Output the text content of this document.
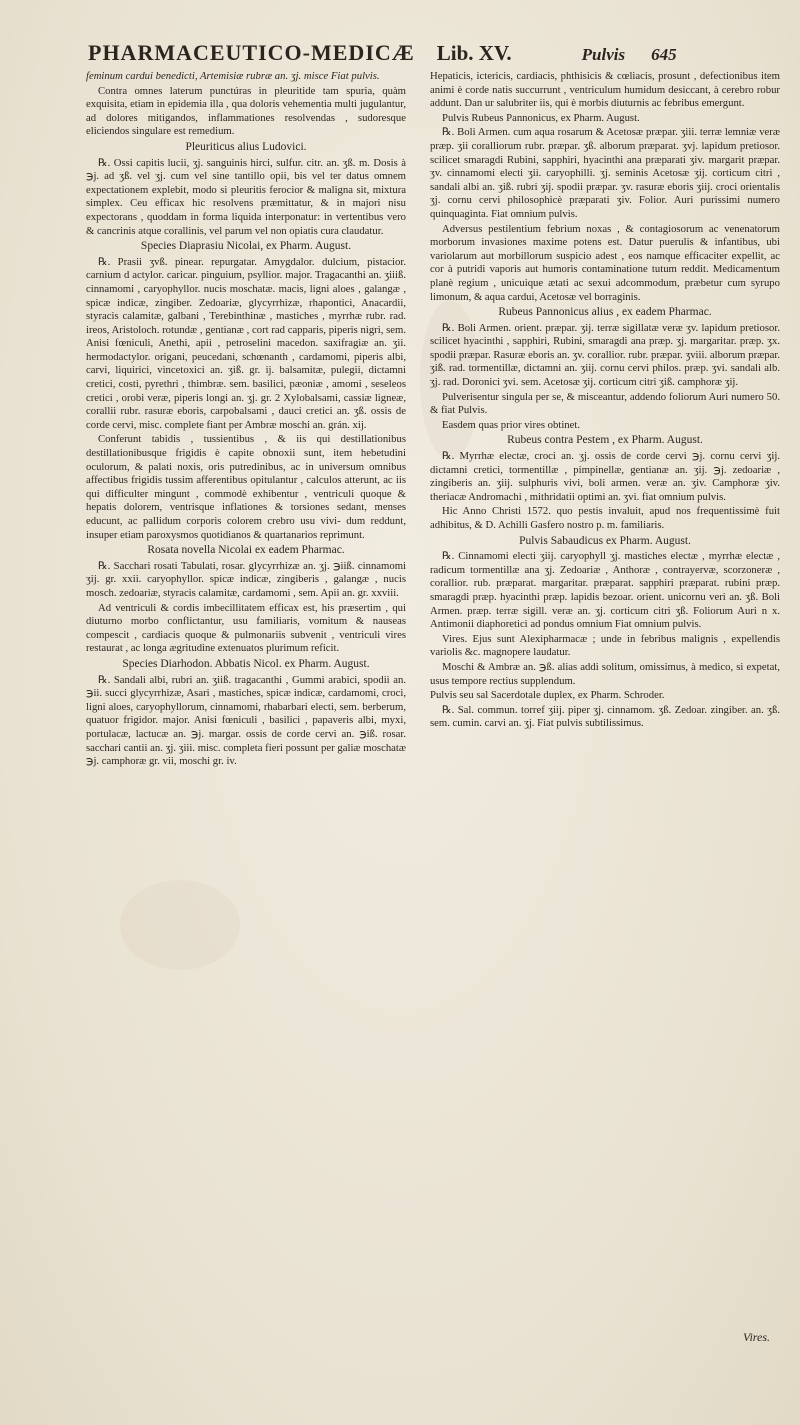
PHARMACEUTICO-MEDICÆ Lib. XV.	Pulvis 645

feminum cardui benedicti, Artemisiæ rubræ an. ʒj. misce Fiat pulvis.

Contra omnes laterum punctúras in pleuritide tam spuria, quàm exquisita, etiam in epidemia illa , qua doloris vehementia multi jugulantur, ad dolores mitigandos, inflammationes resolvendas , sudoresque eliciendos singulare est remedium.

Pleuriticus alius Ludovici.

℞. Ossi capitis lucii, ʒj. sanguinis hirci, sulfur. citr. an. ʒß. m. Dosis à ℈j. ad ʒß. vel ʒj. cum vel sine tantillo opii, bis vel ter datus omnem expectationem explebit, modo si pleuritis ferocior & maligna sit, mixtura simplex. Ceu efficax hic resolvens præmittatur, & in majori nisu expectorans , quoddam in forma liquida interponatur: in vertentibus vero & cancrinis atque corallinis, vel parum vel non opiatis cura claudatur.

Species Diaprasiu Nicolai, ex Pharm. August.

℞. Prasii ʒvß. pinear. repurgatar. Amygdalor. dulcium, pistacior. carnium d actylor. caricar. pinguium, psyllior. major. Tragacanthi an. ʒiiiß. cinnamomi , caryophyllor. nucis moschatæ. macis, ligni aloes , galangæ , spicæ indicæ, zingiber. Zedoariæ, glycyrrhizæ, rhapontici, Anacardii, styracis calamitæ, galbani , Terebinthinæ , mastiches , myrrhæ rubr. rad. ireos, Aristoloch. rotundæ , gentianæ , cort rad capparis, piperis nigri, sem. Anisi fœniculi, Anethi, apii , petroselini macedon. saxifragiæ an. ʒii. hermodactylor. origani, peucedani, schœnanth , cardamomi, piperis albi, carvi, liquirici, vincetoxici an. ʒiß. gr. ij. balsamitæ, pulegii, dictamni cretici, costi, pyrethri , thimbræ. sem. basilici, pæoniæ , amomi , seseleos cretici , orobi veræ, piperis longi an. ʒj. gr. 2 Xylobalsami, cassiæ ligneæ, corallii rubr. rasuræ eboris, carpobalsami , dauci cretici an. ʒß. ossis de corde cervi, misc. complete fiant per Ambræ moschi an. grán. xij.

Conferunt tabidis , tussientibus , & iis qui destillationibus destillationibusque frigidis è capite obnoxii sunt, item hebetudini oculorum, & palati noxis, oris putredinibus, ac in universum omnibus affectibus frigidis tussim afferentibus opitulantur , calculos atterunt, ac iis qui difficulter mingunt , commodè exhibentur , ventriculi quoque & hepatis dolorem, ventrisque inflationes & torsiones sedant, menses educunt, ac pallidum corporis colorem crebro usu vivi- dum reddunt, insuper etiam paroxysmos quotidianos & quartanarios reprimunt.

Rosata novella Nicolai ex eadem Pharmac.

℞. Sacchari rosati Tabulati, rosar. glycyrrhizæ an. ʒj. ℈iiß. cinnamomi ʒij. gr. xxii. caryophyllor. spicæ indicæ, zingiberis , galangæ , nucis mosch. zedoariæ, styracis calamitæ, cardamomi , sem. Apii an. gr. xxviii.

Ad ventriculi & cordis imbecillitatem efficax est, his præsertim , qui diuturno morbo conflictantur, usu familiaris, vomitum & nauseas compescit , cardiacis quoque & pulmonariis subvenit , ventriculi vires restaurat , ac longa ægritudine extenuatos plurimum reficit.

Species Diarhodon. Abbatis Nicol. ex Pharm. August.

℞. Sandali albi, rubri an. ʒiiß. tragacanthi , Gummi arabici, spodii an. ℈ii. succi glycyrrhizæ, Asari , mastiches, spicæ indicæ, cardamomi, croci, ligni aloes, caryophyllorum, cinnamomi, rhabarbari electi, sem. berberum, quatuor frigidor. major. Anisi fœniculi , basilici , papaveris albi, myxi, portulacæ, lactucæ an. ℈j. margar. ossis de corde cervi an. ℈iß. rosar. sacchari cantii an. ʒj. ʒiii. misc. completa fieri possunt per galiæ moschatæ ℈j. camphoræ gr. vii, moschi gr. iv.

Hepaticis, ictericis, cardiacis, phthisicis & cœliacis, prosunt , defectionibus item animi è corde natis succurrunt , ventriculum humidum desiccant, à cerebro robur addunt. Dan ur salubriter iis, qui è morbis diuturnis ac febribus emergunt.

Pulvis Rubeus Pannonicus, ex Pharm. August.

℞. Boli Armen. cum aqua rosarum & Acetosæ præpar. ʒiii. terræ lemniæ veræ præp. ʒii coralliorum rubr. præpar. ʒß. alborum præparat. ʒvj. lapidum pretiosor. scilicet smaragdi Rubini, sapphiri, hyacinthi ana præparati ʒiv. margarit præpar. ʒv. cinnamomi electi ʒii. caryophilli. ʒj. seminis Acetosæ ʒij. corticum citri , sandali albi an. ʒiß. rubri ʒij. spodii præpar. ʒv. rasuræ eboris ʒiij. croci orientalis ʒj. cornu cervi philosophicè præparati ʒiv. Folior. Auri purissimi numero quinquaginta. Fiat omnium pulvis.

Adversus pestilentium febrium noxas , & contagiosorum ac venenatorum morborum invasiones maxime potens est. Datur puerulis & infantibus, ubi variolarum aut morbillorum suspicio adest , eos namque efficaciter expellit, ac cor à putridi vaporis aut humoris contaminatione tutum reddit. Medicamentum planè regium , unicuique ætati ac sexui adcommodum, præbetur cum syrupo limonum, & aqua cardui, Acetosæ vel borraginis.

Rubeus Pannonicus alius , ex eadem Pharmac.

℞. Boli Armen. orient. præpar. ʒij. terræ sigillatæ veræ ʒv. lapidum pretiosor. scilicet hyacinthi , sapphiri, Rubini, smaragdi ana præp. ʒj. margaritar. præp. ʒx. spodii præpar. Rasuræ eboris an. ʒv. corallior. rubr. præpar. ʒviii. alborum præpar. ʒiß. rad. tormentillæ, dictamni an. ʒiij. cornu cervi philos. præp. ʒvi. sandali alb. ʒj. rad. Doronici ʒvi. sem. Acetosæ ʒij. corticum citri ʒiß. camphoræ ʒij.

Pulverisentur singula per se, & misceantur, addendo foliorum Auri numero 50. & fiat Pulvis.

Easdem quas prior vires obtinet.

Rubeus contra Pestem , ex Pharm. August.

℞. Myrrhæ electæ, croci an. ʒj. ossis de corde cervi ℈j. cornu cervi ʒij. dictamni cretici, tormentillæ , pimpinellæ, gentianæ an. ʒij. ℈j. zedoariæ , zingiberis an. ʒiij. sulphuris vivi, boli armen. veræ an. ʒiv. Camphoræ ʒiv. theriacæ Andromachi , mithridatii optimi an. ʒvi. fiat omnium pulvis.

Hic Anno Christi 1572. quo pestis invaluit, apud nos frequentissimè fuit adhibitus, & D. Achilli Gasfero nostro p. m. familiaris.

Pulvis Sabaudicus ex Pharm. August.

℞. Cinnamomi electi ʒiij. caryophyll ʒj. mastiches electæ , myrrhæ electæ , radicum tormentillæ ana ʒj. Zedoariæ , Anthoræ , contrayervæ, scorzoneræ , corallior. rub. præparat. margaritar. præparat. sapphiri præparat. rubini præp. smaragdi præp. hyacinthi præp. lapidis bezoar. orient. unicornu veri an. ʒß. Boli Armen. præp. terræ sigill. veræ an. ʒj. corticum citri ʒß. Foliorum Auri n x. Antimonii diaphoretici ad pondus omnium Fiat omnium pulvis.

Vires. Ejus sunt Alexipharmacæ ; unde in febribus malignis , expellendis variolis &c. magnopere laudatur.

Moschi & Ambræ an. ℈ß. alias addi solitum, omissimus, à medico, si expetat, usus tempore rectius supplendum.

Pulvis seu sal Sacerdotale duplex, ex Pharm. Schroder.

℞. Sal. commun. torref ʒiij. piper ʒj. cinnamom. ʒß. Zedoar. zingiber. an. ʒß. sem. cumin. carvi an. ʒj. Fiat pulvis subtilissimus.

Vires.
